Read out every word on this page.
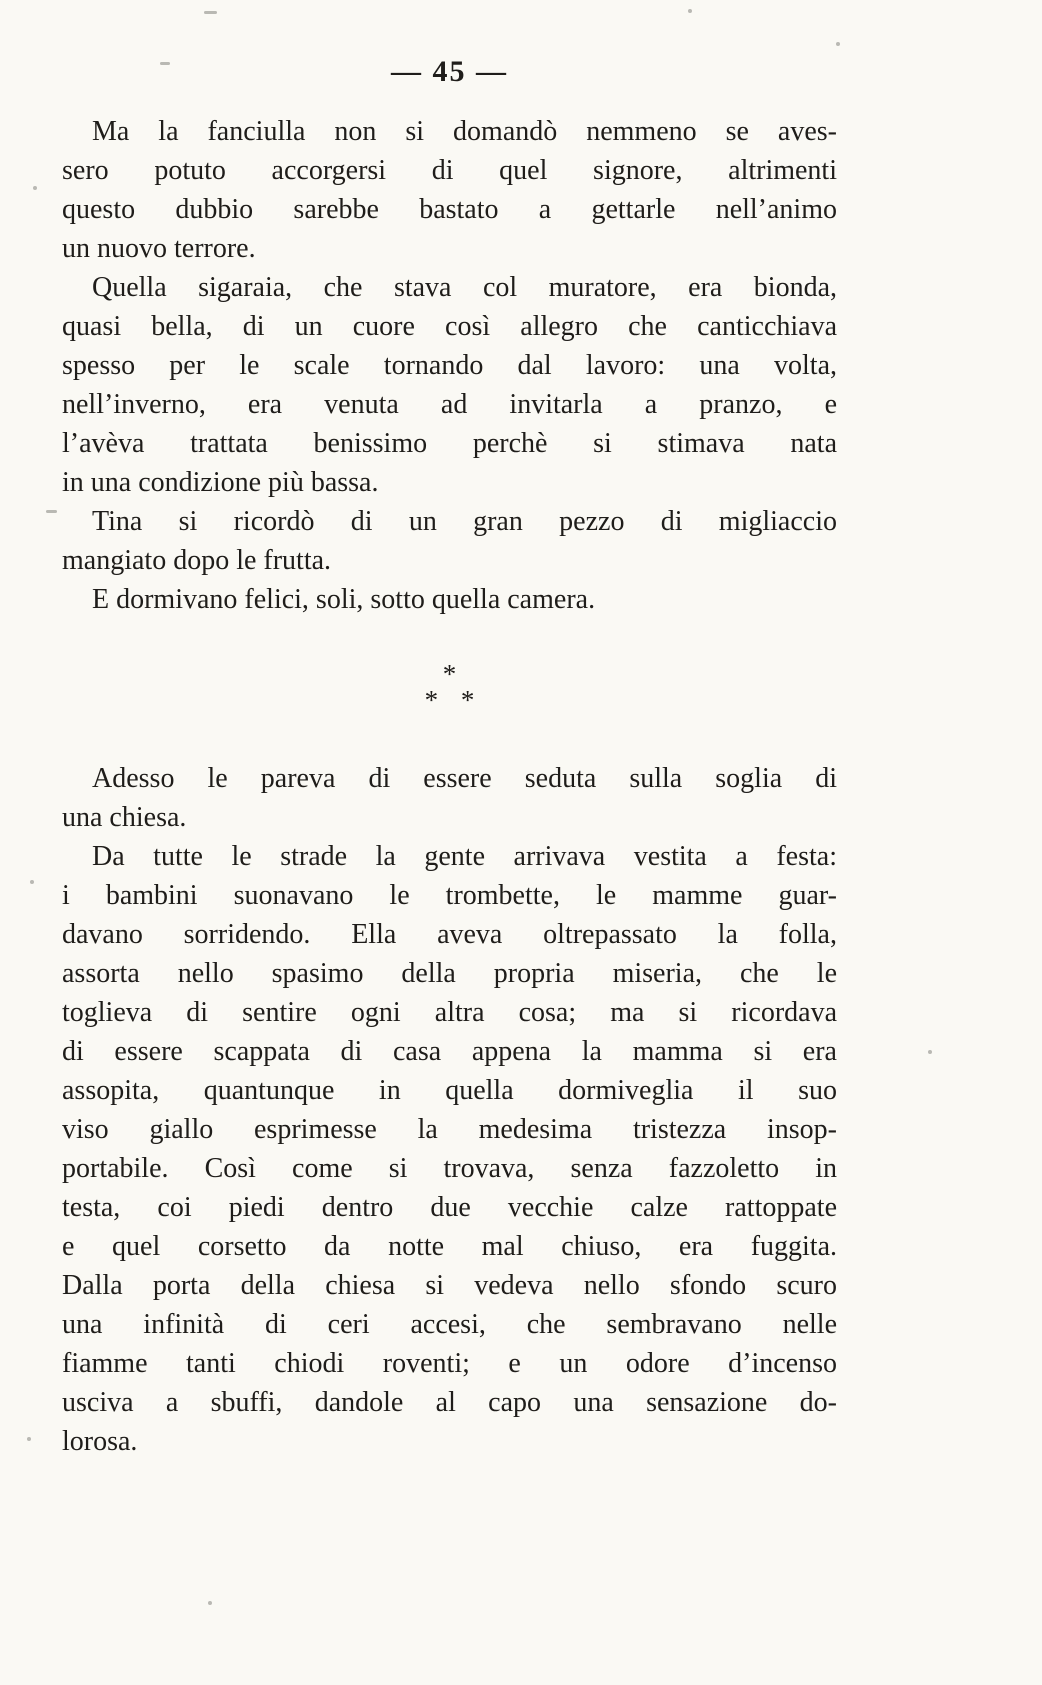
— 45 —
Ma la fanciulla non si domandò nemmeno se aves-
sero potuto accorgersi di quel signore, altrimenti
questo dubbio sarebbe bastato a gettarle nell’animo
un nuovo terrore.
Quella sigaraia, che stava col muratore, era bionda,
quasi bella, di un cuore così allegro che canticchiava
spesso per le scale tornando dal lavoro: una volta,
nell’inverno, era venuta ad invitarla a pranzo, e
l’avèva trattata benissimo perchè si stimava nata
in una condizione più bassa.
Tina si ricordò di un gran pezzo di migliaccio
mangiato dopo le frutta.
E dormivano felici, soli, sotto quella camera.
*
* *
Adesso le pareva di essere seduta sulla soglia di
una chiesa.
Da tutte le strade la gente arrivava vestita a festa:
i bambini suonavano le trombette, le mamme guar-
davano sorridendo. Ella aveva oltrepassato la folla,
assorta nello spasimo della propria miseria, che le
toglieva di sentire ogni altra cosa; ma si ricordava
di essere scappata di casa appena la mamma si era
assopita, quantunque in quella dormiveglia il suo
viso giallo esprimesse la medesima tristezza insop-
portabile. Così come si trovava, senza fazzoletto in
testa, coi piedi dentro due vecchie calze rattoppate
e quel corsetto da notte mal chiuso, era fuggita.
Dalla porta della chiesa si vedeva nello sfondo scuro
una infinità di ceri accesi, che sembravano nelle
fiamme tanti chiodi roventi; e un odore d’incenso
usciva a sbuffi, dandole al capo una sensazione do-
lorosa.
